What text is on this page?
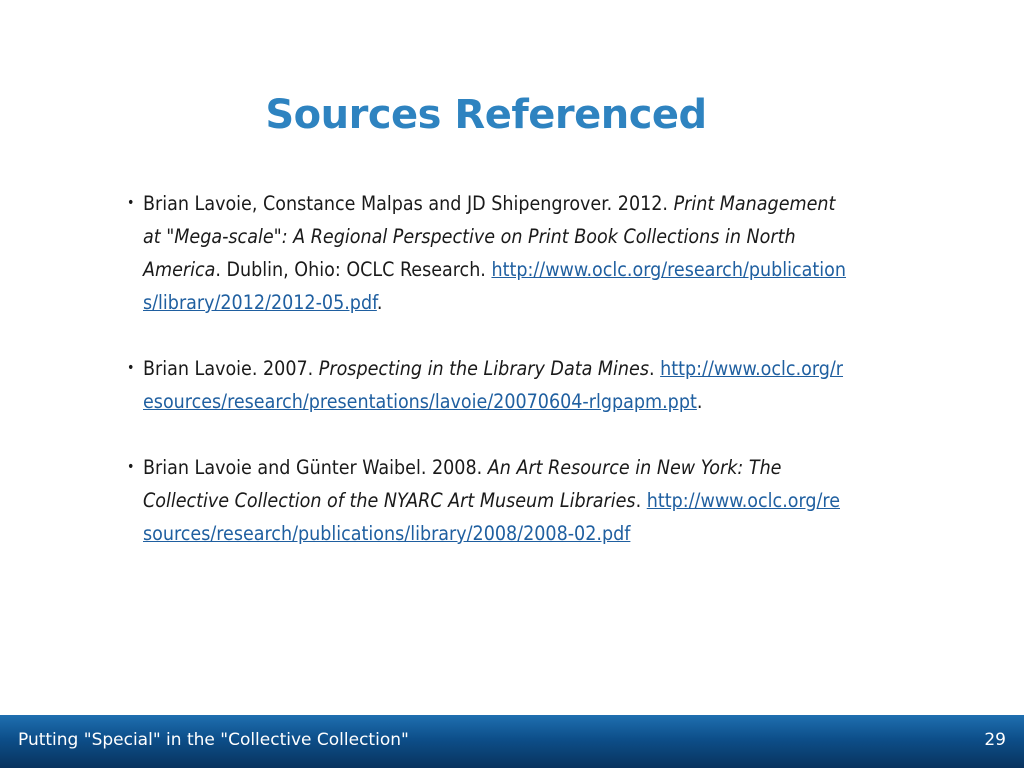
Sources Referenced
• Brian Lavoie, Constance Malpas and JD Shipengrover. 2012. Print Management at "Mega-scale": A Regional Perspective on Print Book Collections in North America. Dublin, Ohio: OCLC Research. http://www.oclc.org/research/publications/library/2012/2012-05.pdf.
• Brian Lavoie. 2007. Prospecting in the Library Data Mines. http://www.oclc.org/resources/research/presentations/lavoie/20070604-rlgpapm.ppt.
• Brian Lavoie and Günter Waibel. 2008. An Art Resource in New York: The Collective Collection of the NYARC Art Museum Libraries. http://www.oclc.org/resources/research/publications/library/2008/2008-02.pdf
Putting "Special" in the "Collective Collection"	29
